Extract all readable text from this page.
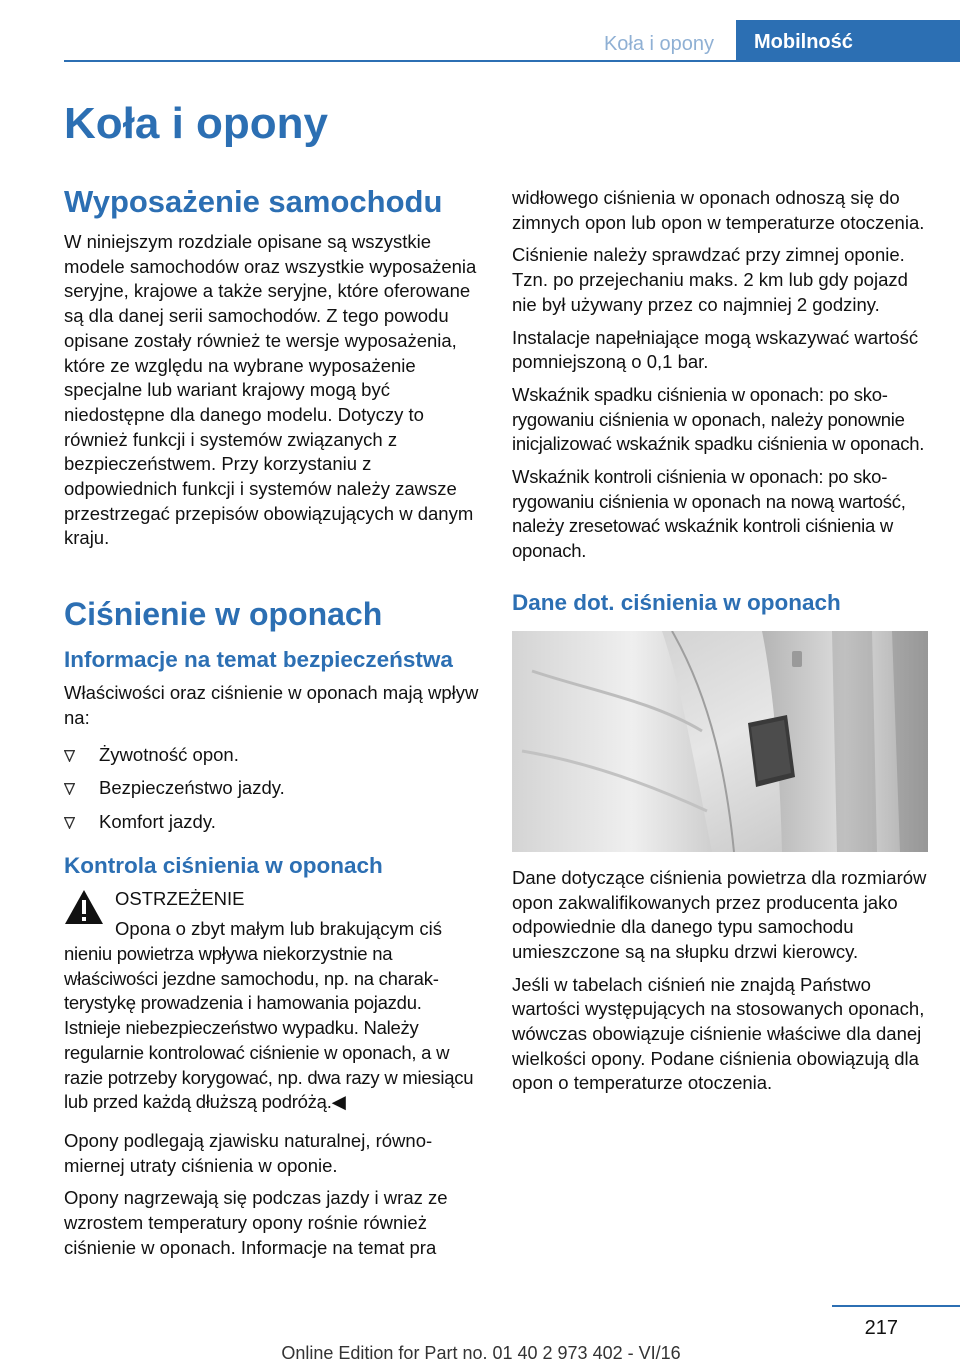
Koła i opony	Mobilność
Koła i opony
Wyposażenie samochodu

W niniejszym rozdziale opisane są wszystkie modele samochodów oraz wszystkie wyposażenia seryjne, krajowe a także seryjne, które oferowane są dla danej serii samochodów. Z tego powodu opisane zostały również te wersje wyposażenia, które ze względu na wybrane wyposażenie specjalne lub wariant krajowy mogą być niedostępne dla danego modelu. Dotyczy to również funkcji i systemów związanych z bezpieczeństwem. Przy korzystaniu z odpowiednich funkcji i systemów należy zawsze przestrzegać przepisów obowiązujących w danym kraju.

Ciśnienie w oponach
Informacje na temat bezpieczeństwa

Właściwości oraz ciśnienie w oponach mają wpływ na:

Żywotność opon.
Bezpieczeństwo jazdy.
Komfort jazdy.
Kontrola ciśnienia w oponach
OSTRZEŻENIE
Opona o zbyt małym lub brakującym ciś

nieniu powietrza wpływa niekorzystnie na właściwości jezdne samochodu, np. na charakterystykę prowadzenia i hamowania pojazdu. Istnieje niebezpieczeństwo wypadku. Należy regularnie kontrolować ciśnienie w oponach, a w razie potrzeby korygować, np. dwa razy w miesiącu lub przed każdą dłuższą podróżą.◀

Opony podlegają zjawisku naturalnej, równomiernej utraty ciśnienia w oponie.

Opony nagrzewają się podczas jazdy i wraz ze wzrostem temperatury opony rośnie również ciśnienie w oponach. Informacje na temat pra

widłowego ciśnienia w oponach odnoszą się do zimnych opon lub opon w temperaturze otoczenia.

Ciśnienie należy sprawdzać przy zimnej oponie. Tzn. po przejechaniu maks. 2 km lub gdy pojazd nie był używany przez co najmniej 2 godziny.

Instalacje napełniające mogą wskazywać wartość pomniejszoną o 0,1 bar.

Wskaźnik spadku ciśnienia w oponach: po skorygowaniu ciśnienia w oponach, należy ponownie inicjalizować wskaźnik spadku ciśnienia w oponach.

Wskaźnik kontroli ciśnienia w oponach: po skorygowaniu ciśnienia w oponach na nową wartość, należy zresetować wskaźnik kontroli ciśnienia w oponach.

Dane dot. ciśnienia w oponach

Dane dotyczące ciśnienia powietrza dla rozmiarów opon zakwalifikowanych przez producenta jako odpowiednie dla danego typu samochodu umieszczone są na słupku drzwi kierowcy.

Jeśli w tabelach ciśnień nie znajdą Państwo wartości występujących na stosowanych oponach, wówczas obowiązuje ciśnienie właściwe dla danej wielkości opony. Podane ciśnienia obowiązują dla opon o temperaturze otoczenia.

217
Online Edition for Part no. 01 40 2 973 402 - VI/16
